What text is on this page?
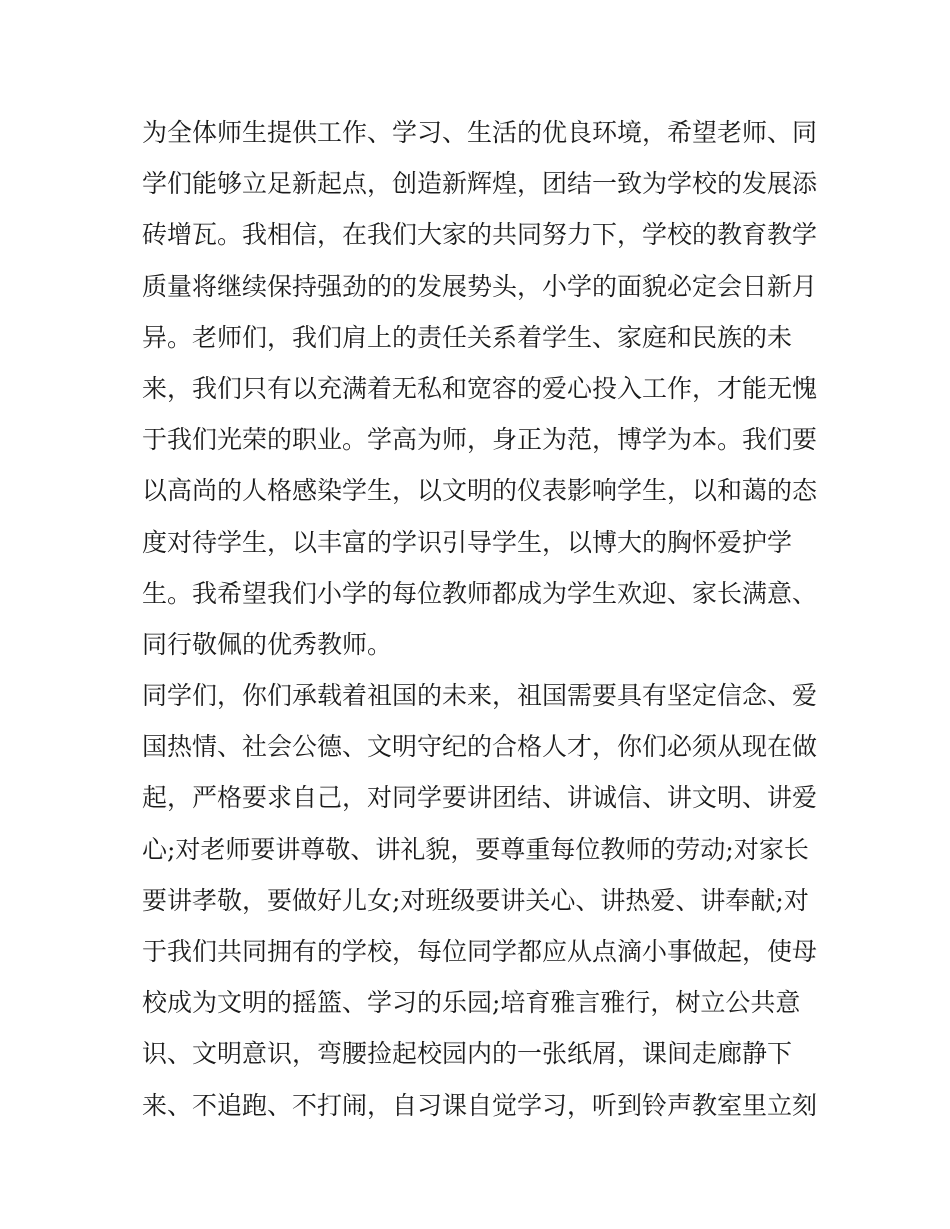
为全体师生提供工作、学习、生活的优良环境，希望老师、同
学们能够立足新起点，创造新辉煌，团结一致为学校的发展添
砖增瓦。我相信，在我们大家的共同努力下，学校的教育教学
质量将继续保持强劲的的发展势头，小学的面貌必定会日新月
异。老师们，我们肩上的责任关系着学生、家庭和民族的未
来，我们只有以充满着无私和宽容的爱心投入工作，才能无愧
于我们光荣的职业。学高为师，身正为范，博学为本。我们要
以高尚的人格感染学生，以文明的仪表影响学生，以和蔼的态
度对待学生，以丰富的学识引导学生，以博大的胸怀爱护学
生。我希望我们小学的每位教师都成为学生欢迎、家长满意、
同行敬佩的优秀教师。
同学们，你们承载着祖国的未来，祖国需要具有坚定信念、爱
国热情、社会公德、文明守纪的合格人才，你们必须从现在做
起，严格要求自己，对同学要讲团结、讲诚信、讲文明、讲爱
心;对老师要讲尊敬、讲礼貌，要尊重每位教师的劳动;对家长
要讲孝敬，要做好儿女;对班级要讲关心、讲热爱、讲奉献;对
于我们共同拥有的学校，每位同学都应从点滴小事做起，使母
校成为文明的摇篮、学习的乐园;培育雅言雅行，树立公共意
识、文明意识，弯腰捡起校园内的一张纸屑，课间走廊静下
来、不追跑、不打闹，自习课自觉学习，听到铃声教室里立刻
